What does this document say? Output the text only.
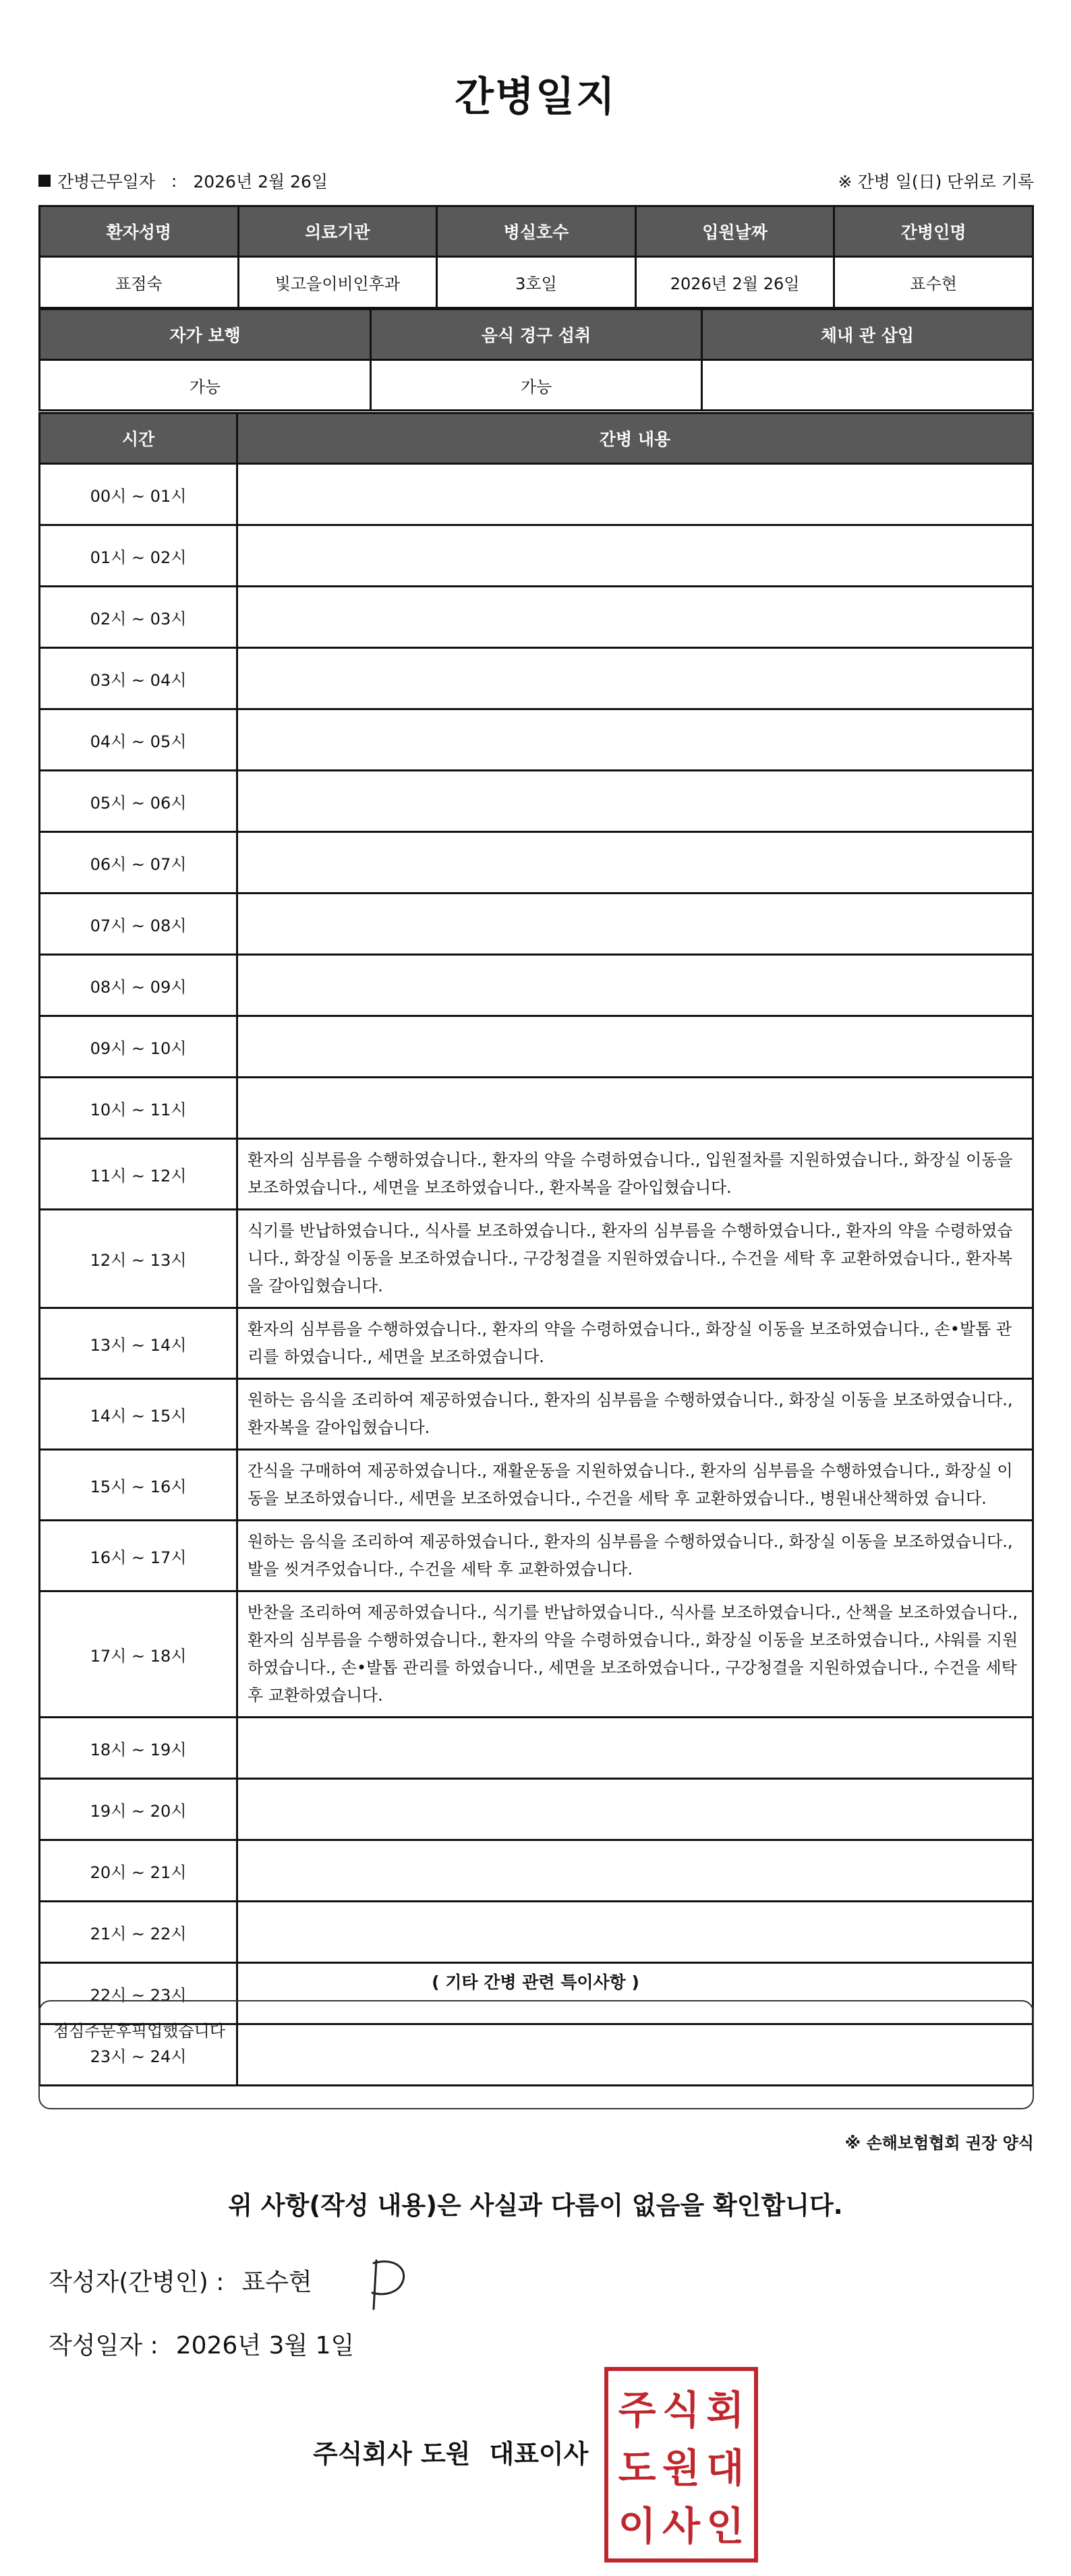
간병일지
간병근무일자 : 2026년 2월 26일	※ 간병 일(日) 단위로 기록
환자성명	의료기관	병실호수	입원날짜	간병인명
표점숙	빛고을이비인후과	3호일	2026년 2월 26일	표수현
자가 보행	음식 경구 섭취	체내 관 삽입
가능	가능	
시간	간병 내용
00시 ~ 01시	
01시 ~ 02시	
02시 ~ 03시	
03시 ~ 04시	
04시 ~ 05시	
05시 ~ 06시	
06시 ~ 07시	
07시 ~ 08시	
08시 ~ 09시	
09시 ~ 10시	
10시 ~ 11시	
11시 ~ 12시	환자의 심부름을 수행하였습니다., 환자의 약을 수령하였습니다., 입원절차를 지원하였습니다., 화장실 이동을 보조하였습니다., 세면을 보조하였습니다., 환자복을 갈아입혔습니다.
12시 ~ 13시	식기를 반납하였습니다., 식사를 보조하였습니다., 환자의 심부름을 수행하였습니다., 환자의 약을 수령하였습니다., 화장실 이동을 보조하였습니다., 구강청결을 지원하였습니다., 수건을 세탁 후 교환하였습니다., 환자복을 갈아입혔습니다.
13시 ~ 14시	환자의 심부름을 수행하였습니다., 환자의 약을 수령하였습니다., 화장실 이동을 보조하였습니다., 손•발톱 관리를 하였습니다., 세면을 보조하였습니다.
14시 ~ 15시	원하는 음식을 조리하여 제공하였습니다., 환자의 심부름을 수행하였습니다., 화장실 이동을 보조하였습니다., 환자복을 갈아입혔습니다.
15시 ~ 16시	간식을 구매하여 제공하였습니다., 재활운동을 지원하였습니다., 환자의 심부름을 수행하였습니다., 화장실 이동을 보조하였습니다., 세면을 보조하였습니다., 수건을 세탁 후 교환하였습니다., 병원내산책하였 습니다.
16시 ~ 17시	원하는 음식을 조리하여 제공하였습니다., 환자의 심부름을 수행하였습니다., 화장실 이동을 보조하였습니다., 발을 씻겨주었습니다., 수건을 세탁 후 교환하였습니다.
17시 ~ 18시	반찬을 조리하여 제공하였습니다., 식기를 반납하였습니다., 식사를 보조하였습니다., 산책을 보조하였습니다., 환자의 심부름을 수행하였습니다., 환자의 약을 수령하였습니다., 화장실 이동을 보조하였습니다., 샤워를 지원하였습니다., 손•발톱 관리를 하였습니다., 세면을 보조하였습니다., 구강청결을 지원하였습니다., 수건을 세탁 후 교환하였습니다.
18시 ~ 19시	
19시 ~ 20시	
20시 ~ 21시	
21시 ~ 22시	
22시 ~ 23시	
23시 ~ 24시	
( 기타 간병 관련 특이사항 )
점심주문후픽업했습니다
※ 손해보험협회 권장 양식
위 사항(작성 내용)은 사실과 다름이 없음을 확인합니다.
작성자(간병인) : 표수현
작성일자 : 2026년 3월 1일
주식회사 도원 대표이사
주 식 회
도 원 대
이 사 인
